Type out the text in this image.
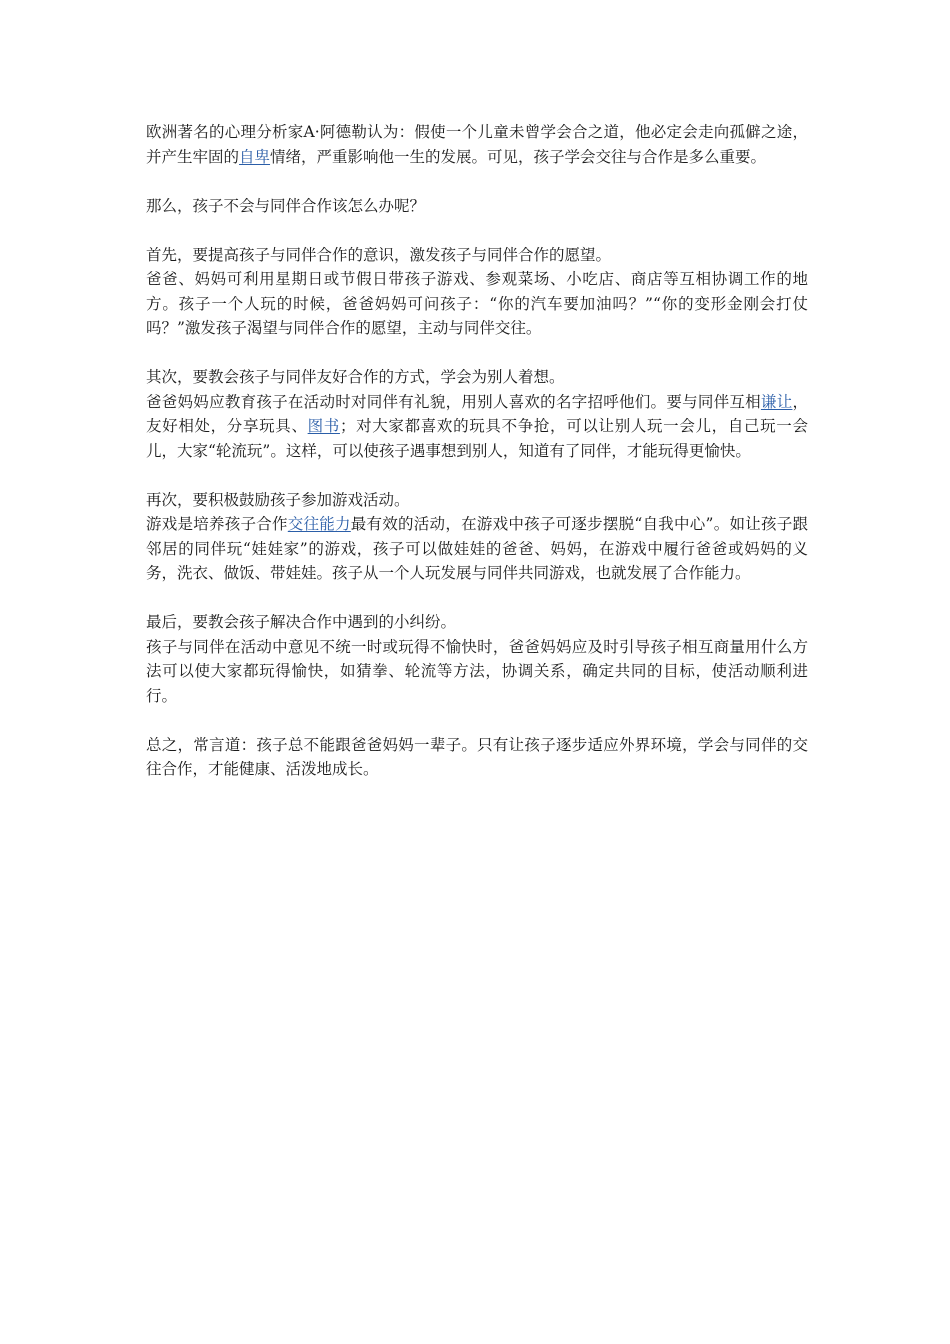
欧洲著名的心理分析家A·阿德勒认为：假使一个儿童未曾学会合之道，他必定会走向孤僻之途，并产生牢固的自卑情绪，严重影响他一生的发展。可见，孩子学会交往与合作是多么重要。

那么，孩子不会与同伴合作该怎么办呢？

首先，要提高孩子与同伴合作的意识，激发孩子与同伴合作的愿望。

爸爸、妈妈可利用星期日或节假日带孩子游戏、参观菜场、小吃店、商店等互相协调工作的地方。孩子一个人玩的时候，爸爸妈妈可问孩子：“你的汽车要加油吗？”“你的变形金刚会打仗吗？”激发孩子渴望与同伴合作的愿望，主动与同伴交往。

其次，要教会孩子与同伴友好合作的方式，学会为别人着想。

爸爸妈妈应教育孩子在活动时对同伴有礼貌，用别人喜欢的名字招呼他们。要与同伴互相谦让，友好相处，分享玩具、图书；对大家都喜欢的玩具不争抢，可以让别人玩一会儿，自己玩一会儿，大家“轮流玩”。这样，可以使孩子遇事想到别人，知道有了同伴，才能玩得更愉快。

再次，要积极鼓励孩子参加游戏活动。

游戏是培养孩子合作交往能力最有效的活动，在游戏中孩子可逐步摆脱“自我中心”。如让孩子跟邻居的同伴玩“娃娃家”的游戏，孩子可以做娃娃的爸爸、妈妈，在游戏中履行爸爸或妈妈的义务，洗衣、做饭、带娃娃。孩子从一个人玩发展与同伴共同游戏，也就发展了合作能力。

最后，要教会孩子解决合作中遇到的小纠纷。

孩子与同伴在活动中意见不统一时或玩得不愉快时，爸爸妈妈应及时引导孩子相互商量用什么方法可以使大家都玩得愉快，如猜拳、轮流等方法，协调关系，确定共同的目标，使活动顺利进行。

总之，常言道：孩子总不能跟爸爸妈妈一辈子。只有让孩子逐步适应外界环境，学会与同伴的交往合作，才能健康、活泼地成长。
